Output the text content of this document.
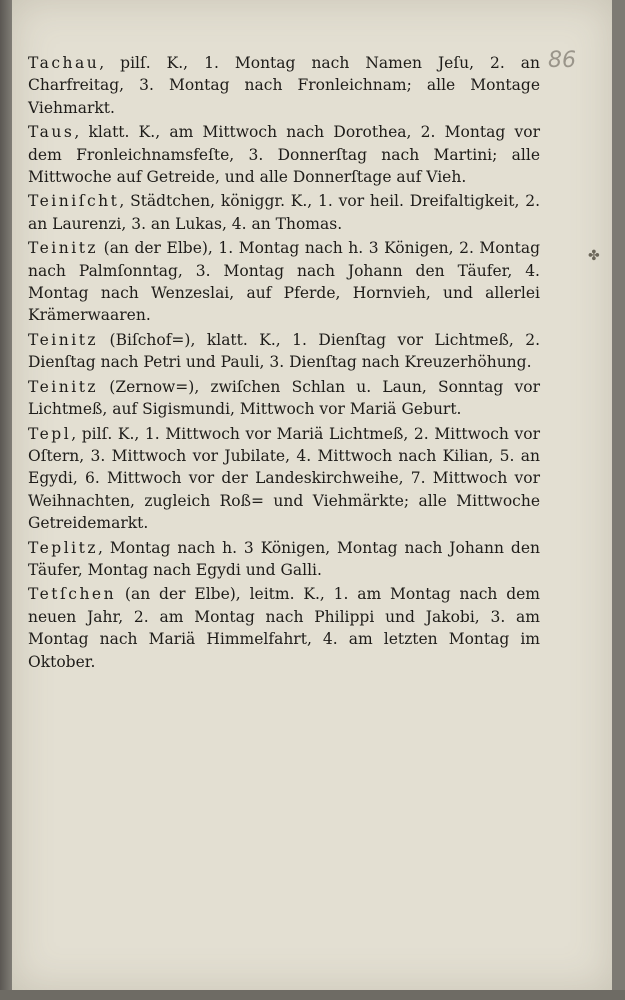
86
✤

Tachau, pilſ. K., 1. Montag nach Namen Jeſu, 2. an Charfreitag, 3. Montag nach Fronleichnam; alle Montage Viehmarkt.

Taus, klatt. K., am Mittwoch nach Dorothea, 2. Montag vor dem Fronleichnamsfeſte, 3. Donnerſtag nach Martini; alle Mittwoche auf Getreide, und alle Donnerſtage auf Vieh.

Teiniſcht, Städtchen, königgr. K., 1. vor heil. Dreifaltigkeit, 2. an Laurenzi, 3. an Lukas, 4. an Thomas.

Teinitz (an der Elbe), 1. Montag nach h. 3 Königen, 2. Montag nach Palmſonntag, 3. Montag nach Johann den Täufer, 4. Montag nach Wenzeslai, auf Pferde, Hornvieh, und allerlei Krämerwaaren.

Teinitz (Biſchof=), klatt. K., 1. Dienſtag vor Lichtmeß, 2. Dienſtag nach Petri und Pauli, 3. Dienſtag nach Kreuzerhöhung.

Teinitz (Zernow=), zwiſchen Schlan u. Laun, Sonntag vor Lichtmeß, auf Sigismundi, Mittwoch vor Mariä Geburt.

Tepl, pilſ. K., 1. Mittwoch vor Mariä Lichtmeß, 2. Mittwoch vor Oſtern, 3. Mittwoch vor Jubilate, 4. Mittwoch nach Kilian, 5. an Egydi, 6. Mittwoch vor der Landeskirchweihe, 7. Mittwoch vor Weihnachten, zugleich Roß= und Viehmärkte; alle Mittwoche Getreidemarkt.

Teplitz, Montag nach h. 3 Königen, Montag nach Johann den Täufer, Montag nach Egydi und Galli.

Tetſchen (an der Elbe), leitm. K., 1. am Montag nach dem neuen Jahr, 2. am Montag nach Philippi und Jakobi, 3. am Montag nach Mariä Himmelfahrt, 4. am letzten Montag im Oktober.
